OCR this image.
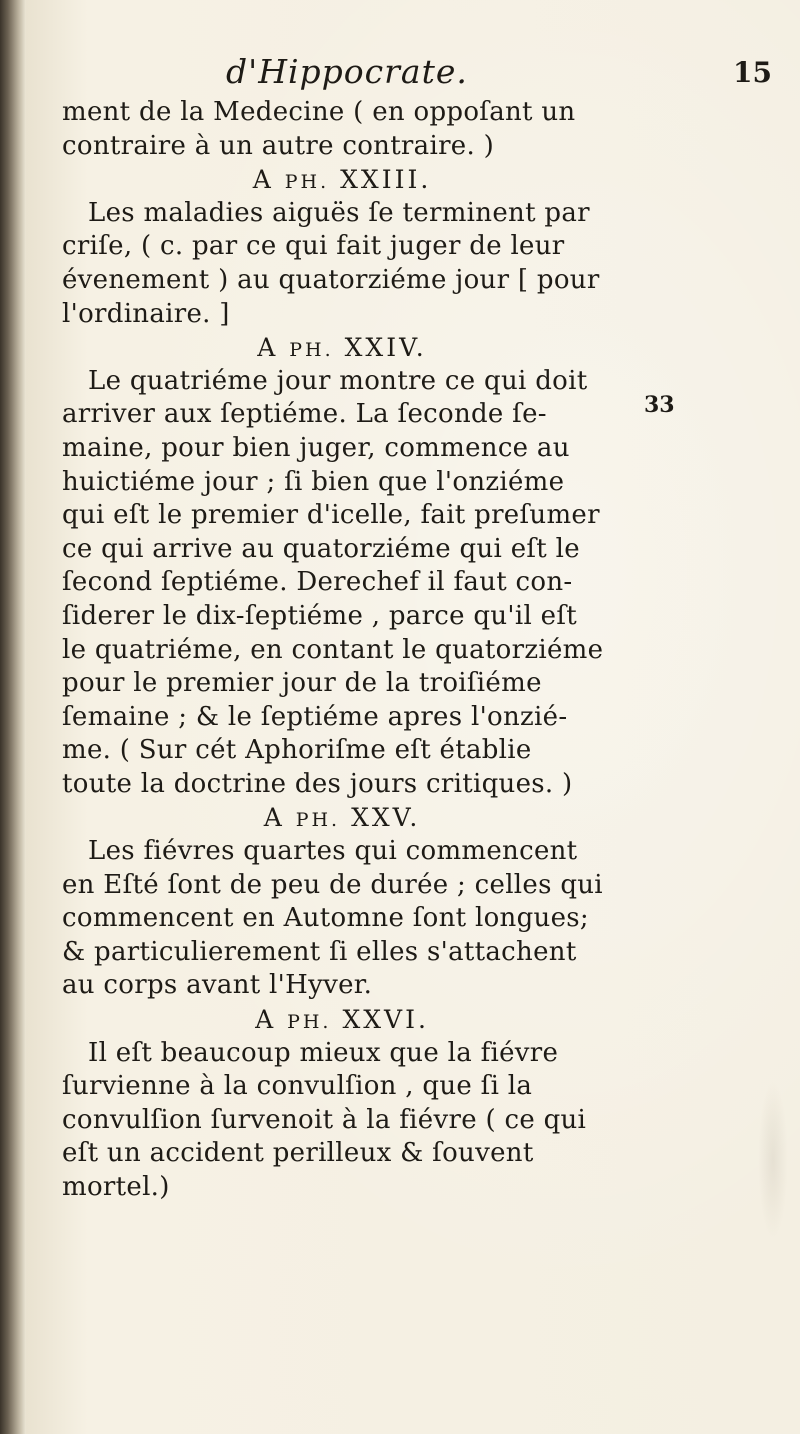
d'Hippocrate.	15
33
ment de la Medecine ( en oppoſant un
contraire à un autre contraire. )
A PH. XXIII.
Les maladies aiguës ſe terminent par
criſe, ( c. par ce qui fait juger de leur
évenement ) au quatorziéme jour [ pour
l'ordinaire. ]
A PH. XXIV.
Le quatriéme jour montre ce qui doit
arriver aux ſeptiéme. La ſeconde ſe-
maine, pour bien juger, commence au
huictiéme jour ; ſi bien que l'onziéme
qui eſt le premier d'icelle, fait preſumer
ce qui arrive au quatorziéme qui eſt le
ſecond ſeptiéme. Derechef il faut con-
ſiderer le dix-ſeptiéme , parce qu'il eſt
le quatriéme, en contant le quatorziéme
pour le premier jour de la troiſiéme
ſemaine ; & le ſeptiéme apres l'onzié-
me. ( Sur cét Aphoriſme eſt établie
toute la doctrine des jours critiques. )
A PH. XXV.
Les fiévres quartes qui commencent
en Eſté ſont de peu de durée ; celles qui
commencent en Automne ſont longues;
& particulierement ſi elles s'attachent
au corps avant l'Hyver.
A PH. XXVI.
Il eſt beaucoup mieux que la fiévre
ſurvienne à la convulſion , que ſi la
convulſion ſurvenoit à la fiévre ( ce qui
eſt un accident perilleux & ſouvent
mortel.)
